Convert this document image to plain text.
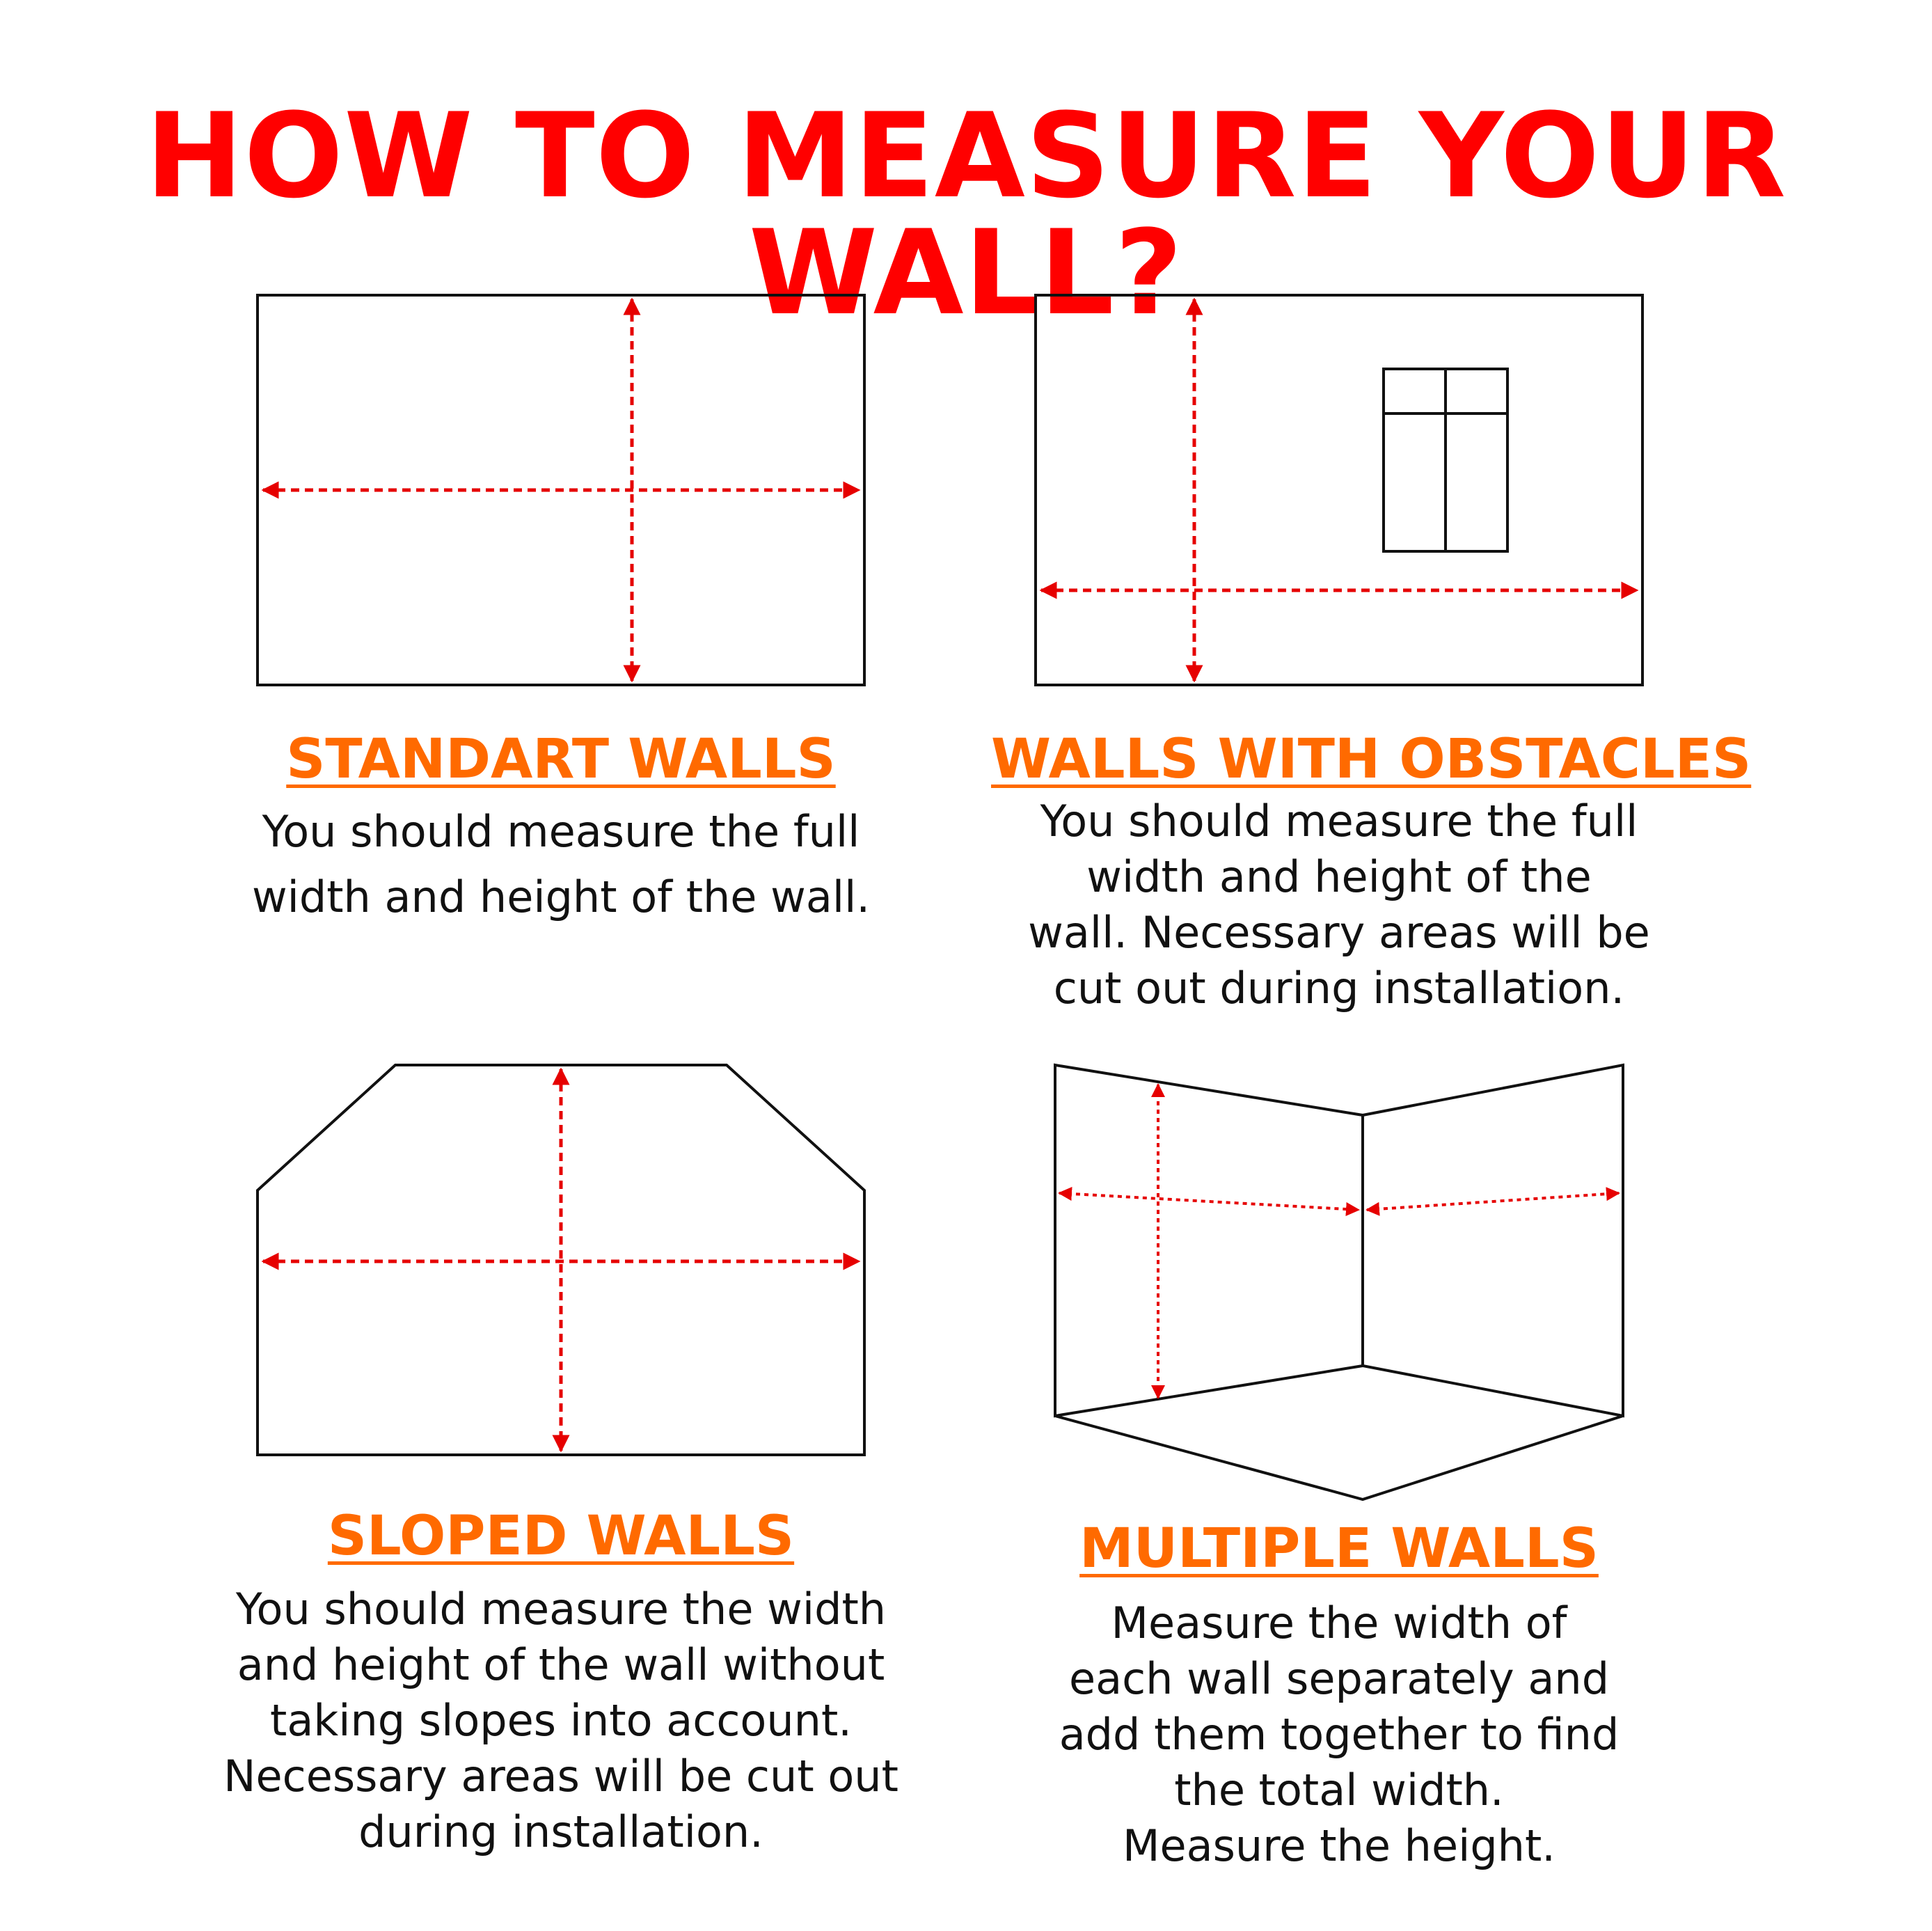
HOW TO MEASURE YOUR WALL?
STANDART WALLS	WALLS WITH OBSTACLES
SLOPED WALLS	MULTIPLE WALLS
You should measure the full
width and height of the wall.
You should measure the full
width and height of the
wall. Necessary areas will be
cut out during installation.
You should measure the width
and height of the wall without
taking slopes into account.
Necessary areas will be cut out
during installation.
Measure the width of
each wall separately and
add them together to find
the total width.
Measure the height.
